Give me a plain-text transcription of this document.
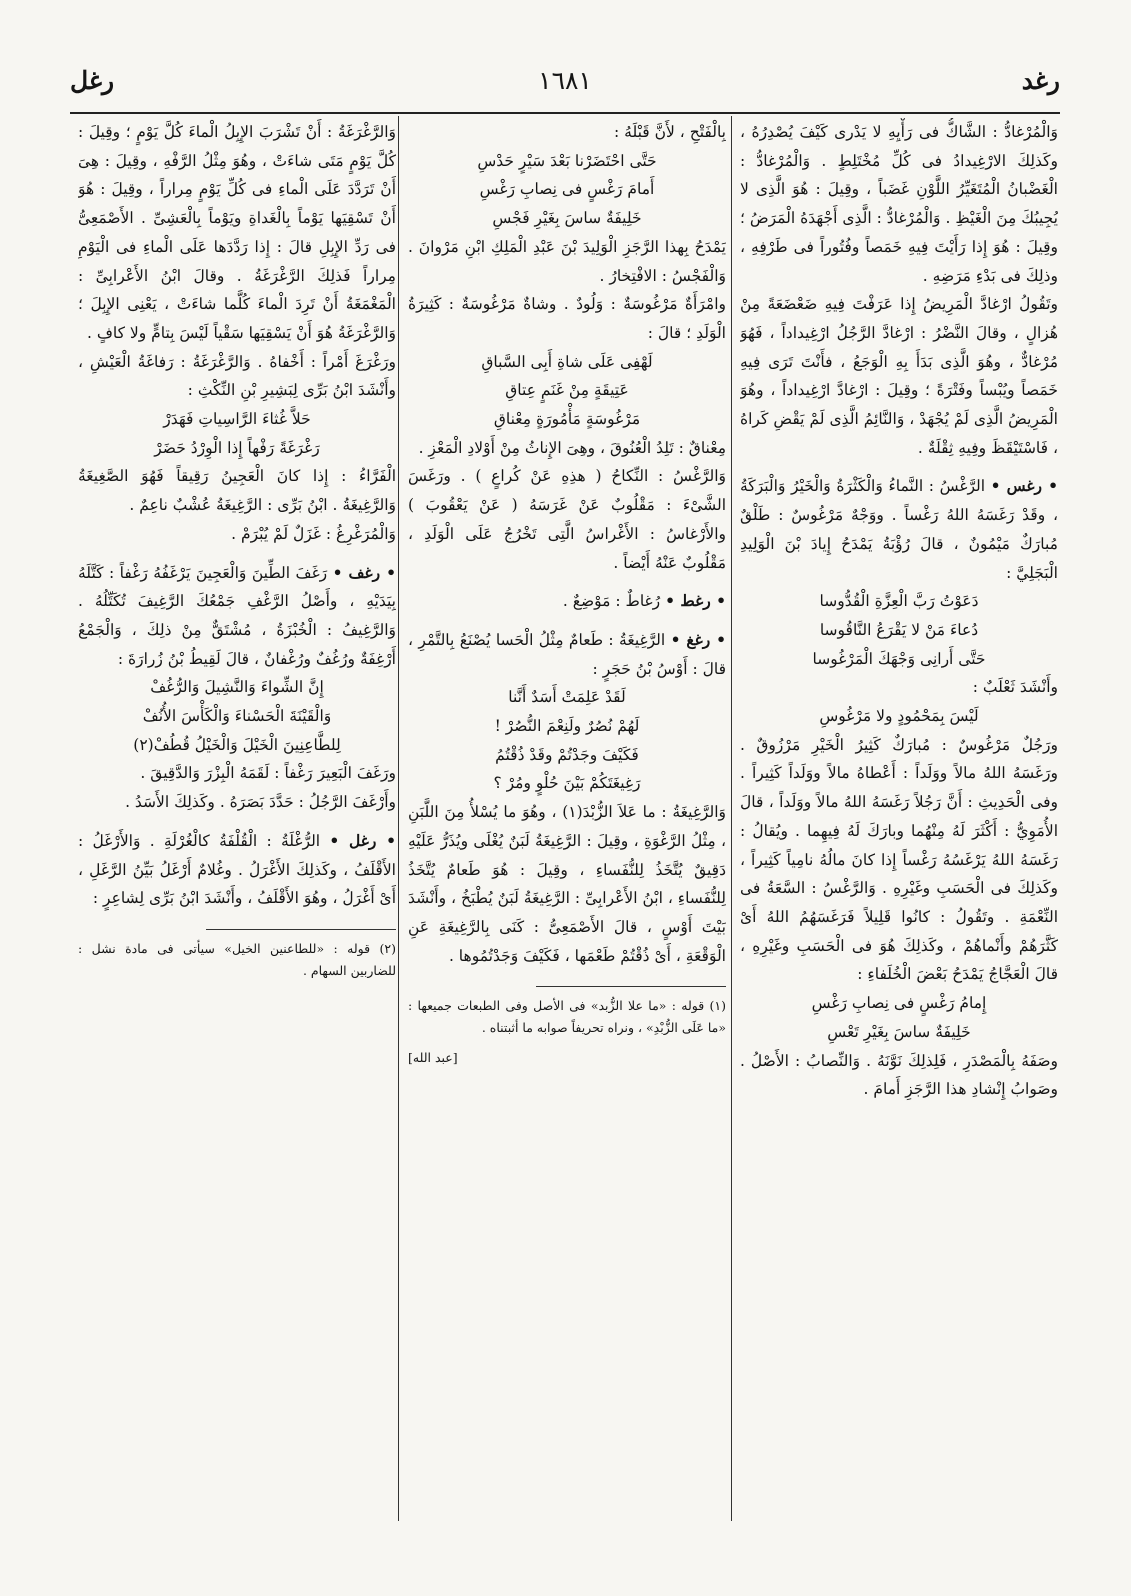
رغد
١٦٨١
رغل

وَالْمُرْغادُّ : الشَّاكُّ فى رَأْيِهِ لا يَدْرى كَيْفَ يُصْدِرُهُ ، وكَذلِكَ الارْغِيدادُ فى كُلِّ مُخْتَلِطٍ . وَالْمُرْغادُّ : الْغَضْبانُ الْمُتَغَيِّرُ اللَّوْنِ غَضَباً ، وقِيلَ : هُوَ الَّذِى لا يُجِيبُكَ مِنَ الْغَيْظِ . وَالْمُرْغادُّ : الَّذِى أَجْهَدَهُ الْمَرَضُ ؛ وقِيلَ : هُوَ إِذا رَأَيْتَ فِيهِ خَمَصاً وفُتُوراً فى طَرْفِهِ ، وذلِكَ فى بَدْءِ مَرَضِهِ .

وتَقُولُ ارْغادَّ الْمَرِيضُ إِذا عَرَفْتَ فِيهِ ضَعْضَعَةً مِنْ هُزالٍ ، وقالَ النَّضْرُ : ارْغادَّ الرَّجُلُ ارْغِيداداً ، فَهُوَ مُرْغادٌّ ، وهُوَ الَّذِى بَدَأَ بِهِ الْوَجَعُ ، فأَنْتَ تَرَى فِيهِ خَمَصاً ويُبْساً وفَتْرَةً ؛ وقِيلَ : ارْغادَّ ارْغِيداداً ، وهُوَ الْمَرِيضُ الَّذِى لَمْ يُجْهَدْ ، وَالنَّائِمُ الَّذِى لَمْ يَقْضِ كَراهُ ، فَاسْتَيْقَظَ وفِيهِ ثِقْلَةٌ .

• رغس • الرَّغْسُ : النَّماءُ وَالْكَثْرَةُ وَالْخَيْرُ وَالْبَرَكَةُ ، وقَدْ رَغَسَهُ اللهُ رَغْساً . ووَجْهٌ مَرْغُوسٌ : طَلْقٌ مُبارَكٌ مَيْمُونٌ ، قالَ رُؤْبَةُ يَمْدَحُ إِيادَ بْنَ الْوَلِيدِ الْبَجَلِيَّ :

دَعَوْتُ رَبَّ الْعِزَّةِ الْقُدُّوسا

دُعاءَ مَنْ لا يَقْرَعُ النَّاقُوسا

حَتَّى أَرانِى وَجْهَكَ الْمَرْغُوسا

وأَنْشَدَ ثَعْلَبٌ :

لَيْسَ بِمَحْمُودٍ ولا مَرْغُوسِ

ورَجُلٌ مَرْغُوسٌ : مُبارَكٌ كَثِيرُ الْخَيْرِ مَرْزُوقٌ . ورَغَسَهُ اللهُ مالاً ووَلَداً : أَعْطاهُ مالاً ووَلَداً كَثِيراً . وفى الْحَدِيثِ : أَنَّ رَجُلاً رَغَسَهُ اللهُ مالاً ووَلَداً ، قالَ الأُمَوِيُّ : أَكْثَرَ لَهُ مِنْهُما وبارَكَ لَهُ فِيهِما . ويُقالُ : رَغَسَهُ اللهُ يَرْغَسُهُ رَغْساً إِذا كانَ مالُهُ نامِياً كَثِيراً ، وكَذلِكَ فى الْحَسَبِ وغَيْرِهِ . وَالرَّغْسُ : السَّعَةُ فى النِّعْمَةِ . وتَقُولُ : كانُوا قَلِيلاً فَرَغَسَهُمُ اللهُ أَىْ كَثَّرَهُمْ وأَنْماهُمْ ، وكَذلِكَ هُوَ فى الْحَسَبِ وغَيْرِهِ ، قالَ الْعَجَّاجُ يَمْدَحُ بَعْضَ الْخُلَفاءِ :

إِمامُ رَغْسٍ فى نِصابِ رَغْسِ

خَلِيفَةٌ ساسَ بِغَيْرِ تَعْسِ

وصَفَهُ بِالْمَصْدَرِ ، فَلِذلِكَ نَوَّنَهُ . وَالنِّصابُ : الأَصْلُ . وصَوابُ إِنْشادِ هذا الرَّجَزِ أَمامَ .

بِالْفَتْحِ ، لأَنَّ قَبْلَهُ :

حَتَّى احْتَضَرْنا بَعْدَ سَيْرٍ حَدْسِ

أَمامَ رَغْسٍ فى نِصابِ رَغْسِ

خَلِيفَةٌ ساسَ بِغَيْرِ فَجْسِ

يَمْدَحُ بِهذا الرَّجَزِ الْوَلِيدَ بْنَ عَبْدِ الْمَلِكِ ابْنِ مَرْوانَ . وَالْفَجْسُ : الافْتِخارُ .

وامْرَأَةٌ مَرْغُوسَةٌ : وَلُودٌ . وشاةٌ مَرْغُوسَةٌ : كَثِيرَةُ الْوَلَدِ ؛ قالَ :

لَهْفِى عَلَى شاةِ أَبِى السَّباقِ

عَتِيقَةٍ مِنْ غَنَمٍ عِتاقِ

مَرْغُوسَةٍ مَأْمُورَةٍ مِعْناقِ

مِعْناقٌ : تَلِدُ الْعُنُوقَ ، وهِىَ الإِناثُ مِنْ أَوْلادِ الْمَعْزِ .

وَالرَّغْسُ : النِّكاحُ ( هذِهِ عَنْ كُراعٍ ) . ورَغَسَ الشَّىْءَ : مَقْلُوبٌ عَنْ غَرَسَهُ ( عَنْ يَعْقُوبَ ) والأَرْغاسُ : الأَغْراسُ الَّتِى تَخْرُجُ عَلَى الْوَلَدِ ، مَقْلُوبٌ عَنْهُ أَيْضاً .

• رغط • رُغاطٌ : مَوْضِعٌ .

• رغغ • الرَّغِيغَةُ : طَعامٌ مِثْلُ الْحَسا يُصْنَعُ بِالتَّمْرِ ، قالَ : أَوْسُ بْنُ حَجَرٍ :

لَقَدْ عَلِمَتْ أَسَدٌ أَنَّنا

لَهُمْ نُصُرٌ ولَنِعْمَ النُّصُرْ !

فَكَيْفَ وجَدْتُمْ وقَدْ ذُقْتُمُ

رَغِيغَتَكُمْ بَيْنَ حُلْوٍ ومُرْ ؟

وَالرَّغِيغَةُ : ما عَلاَ الزُّبْدَ(١) ، وهُوَ ما يُسْلأُ مِنَ اللَّبَنِ ، مِثْلُ الرَّغْوَةِ ، وقِيلَ : الرَّغِيغَةُ لَبَنٌ يُغْلَى ويُذَرُّ عَلَيْهِ دَقِيقٌ يُتَّخَذُ لِلنُّفَساءِ ، وقِيلَ : هُوَ طَعامٌ يُتَّخَذُ لِلنُّفَساءِ ، ابْنُ الأَعْرابِىِّ : الرَّغِيغَةُ لَبَنٌ يُطْبَخُ ، وأَنْشَدَ بَيْتَ أَوْسٍ ، قالَ الأَصْمَعِىُّ : كَنَى بِالرَّغِيغَةِ عَنِ الْوَقْعَةِ ، أَىْ ذُقْتُمْ طَعْمَها ، فَكَيْفَ وَجَدْتُمُوها .

(١) قوله : «ما علا الزُّبد» فى الأصل وفى الطبعات جميعها : «ما عَلَى الزُّبْدِ» ، ونراه تحريفاً صوابه ما أثبتناه .

[عبد الله]

وَالرَّغْرَغَةُ : أَنْ تَشْرَبَ الإِبِلُ الْماءَ كُلَّ يَوْمٍ ؛ وقِيلَ : كُلَّ يَوْمٍ مَتَى شاءَتْ ، وهُوَ مِثْلُ الرَّفْهِ ، وقِيلَ : هِىَ أَنْ تَرَدَّدَ عَلَى الْماءِ فى كُلِّ يَوْمٍ مِراراً ، وقِيلَ : هُوَ أَنْ تَسْقِيَها يَوْماً بِالْغَداةِ ويَوْماً بِالْعَشِىِّ . الأَصْمَعِىُّ فى رَدِّ الإِبِلِ قالَ : إِذا رَدَّدَها عَلَى الْماءِ فى الْيَوْمِ مِراراً فَذلِكَ الرَّغْرَغَةُ . وقالَ ابْنُ الأَعْرابِىِّ : الْمَغْمَغَةُ أَنْ تَرِدَ الْماءَ كُلَّما شاءَتْ ، يَعْنِى الإِبِلَ ؛ وَالرَّغْرَغَةُ هُوَ أَنْ يَسْقِيَها سَقْياً لَيْسَ بِتامٍّ ولا كافٍ .

ورَغْرَغَ أَمْراً : أَخْفاهُ . وَالرَّغْرَغَةُ : رَفاغَةُ الْعَيْشِ ، وأَنْشَدَ ابْنُ بَرِّى لِبَشِيرِ بْنِ النِّكْثِ :

حَلاَّ غُثاءَ الرَّاسِياتِ فَهَدَرْ

رَغْرَغَةً رَفْهاً إِذا الْوِرْدُ حَضَرْ

الْفَرَّاءُ : إِذا كانَ الْعَجِينُ رَقِيقاً فَهُوَ الصَّغِيغَةُ وَالرَّغِيغَةُ . ابْنُ بَرِّى : الرَّغِيغَةُ عُشْبٌ ناعِمٌ .

وَالْمُرَغْرِغُ : غَزَلٌ لَمْ يُبْرَمْ .

• رغف • رَغَفَ الطِّينَ وَالْعَجِينَ يَرْغَفُهُ رَغْفاً : كَتَّلَهُ بِيَدَيْهِ ، وأَصْلُ الرَّغْفِ جَمْعُكَ الرَّغِيفَ تُكَتِّلُهُ . وَالرَّغِيفُ : الْخُبْزَةُ ، مُشْتَقٌّ مِنْ ذلِكَ ، وَالْجَمْعُ أَرْغِفَةٌ ورُغُفٌ ورُغْفانٌ ، قالَ لَقِيطُ بْنُ زُرارَةَ :

إِنَّ الشِّواءَ وَالنَّشِيلَ وَالرُّغُفْ

وَالْقَيْنَةَ الْحَسْناءَ وَالْكَأْسَ الأُنُفْ

لِلطَّاعِنِينَ الْخَيْلَ وَالْخَيْلُ قُطُفْ(٢)

ورَغَفَ الْبَعِيرَ رَغْفاً : لَقَمَهُ الْبِزْرَ وَالدَّقِيقَ .

وأَرْغَفَ الرَّجُلُ : حَدَّدَ بَصَرَهُ . وكَذلِكَ الأَسَدُ .

• رغل • الرُّغْلَةُ : الْقُلْفَةُ كالْغُرْلَةِ . وَالأَرْغَلُ : الأَقْلَفُ ، وكَذلِكَ الأَغْرَلُ . وغُلامٌ أَرْغَلُ بَيِّنُ الرَّغَلِ ، أَىْ أَغْرَلُ ، وهُوَ الأَقْلَفُ ، وأَنْشَدَ ابْنُ بَرِّى لِشاعِرٍ :

(٢) قوله : «للطاعنين الخيل» سيأتى فى مادة نشل : للضاربين السهام .
